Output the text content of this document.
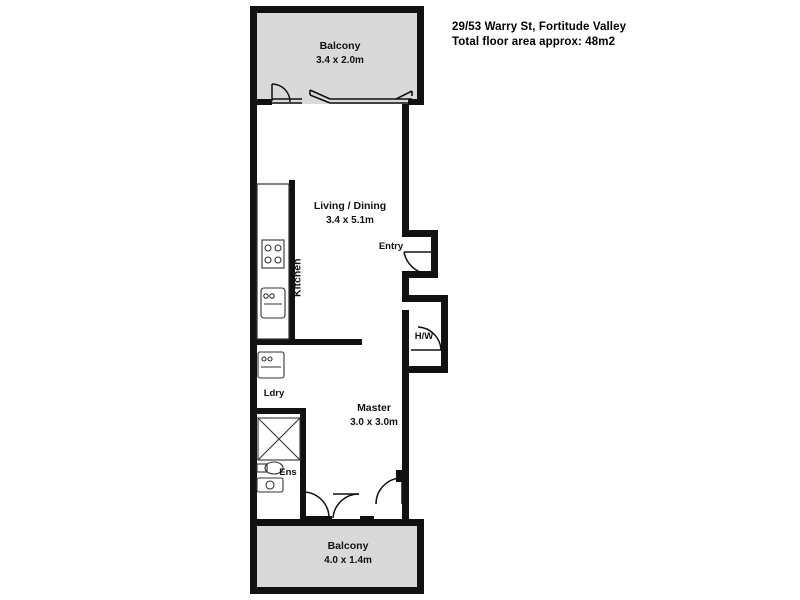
29/53 Warry St, Fortitude Valley
Total floor area approx: 48m2
Balcony
3.4 x 2.0m
Living / Dining
3.4 x 5.1m
Kitchen
Entry
H/W
Ldry
Master
3.0 x 3.0m
Ens
Balcony
4.0 x 1.4m
